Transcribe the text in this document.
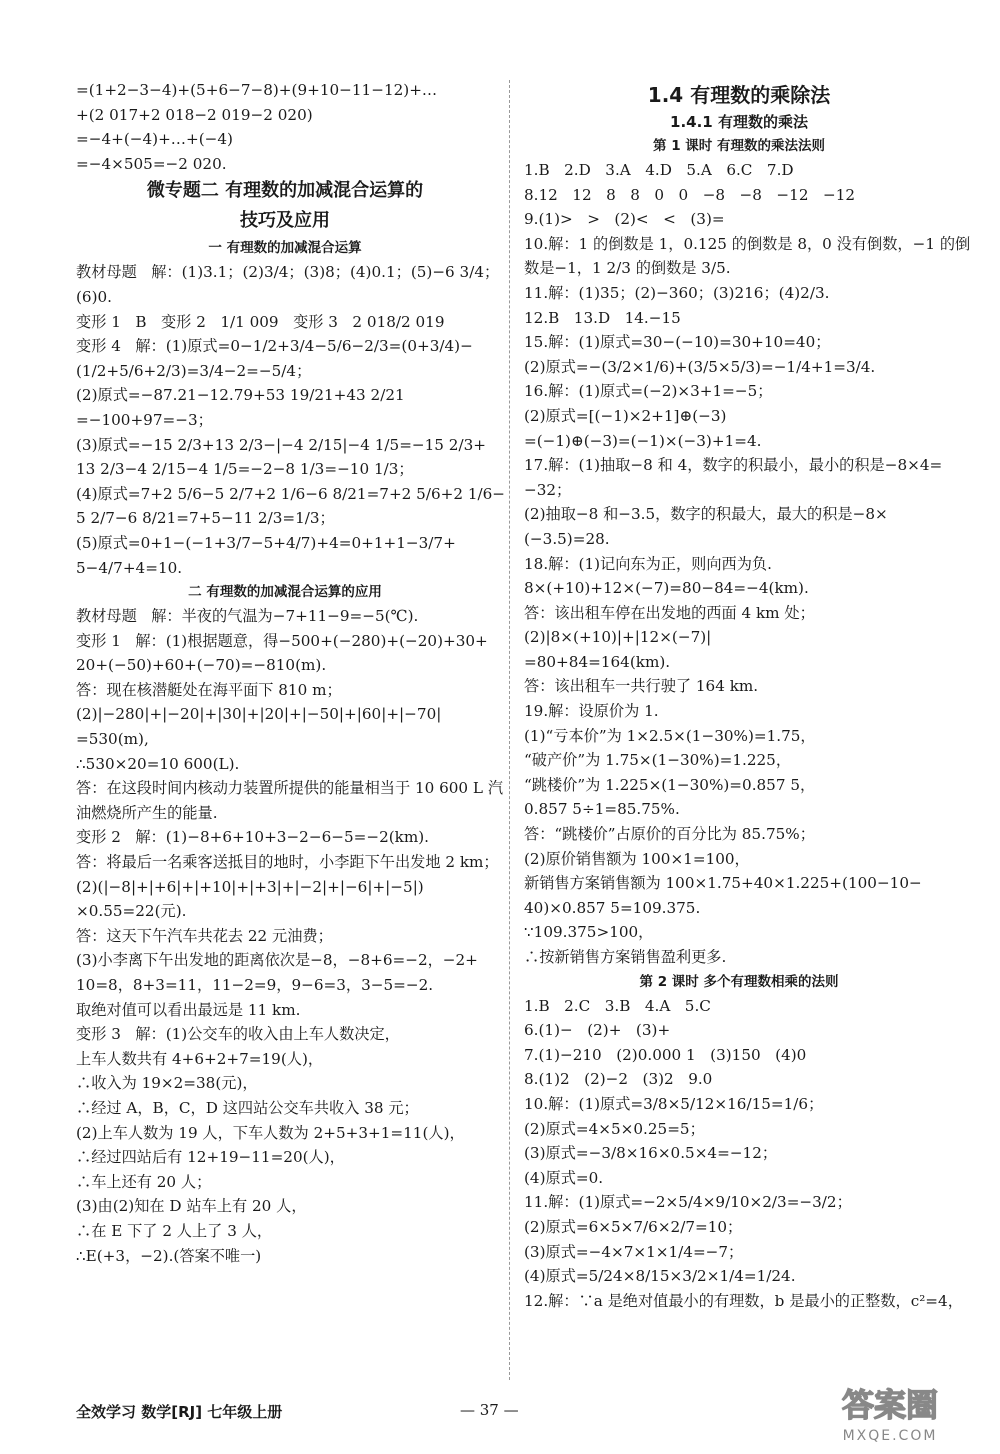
=(1+2−3−4)+(5+6−7−8)+(9+10−11−12)+…
+(2 017+2 018−2 019−2 020)
=−4+(−4)+…+(−4)
=−4×505=−2 020.
微专题二 有理数的加减混合运算的
技巧及应用
一 有理数的加减混合运算
教材母题   解：(1)3.1；(2)3/4；(3)8；(4)0.1；(5)−6 3/4；
(6)0.
变形 1   B   变形 2   1/1 009   变形 3   2 018/2 019
变形 4   解：(1)原式=0−1/2+3/4−5/6−2/3=(0+3/4)−
(1/2+5/6+2/3)=3/4−2=−5/4；
(2)原式=−87.21−12.79+53 19/21+43 2/21
=−100+97=−3；
(3)原式=−15 2/3+13 2/3−|−4 2/15|−4 1/5=−15 2/3+
13 2/3−4 2/15−4 1/5=−2−8 1/3=−10 1/3；
(4)原式=7+2 5/6−5 2/7+2 1/6−6 8/21=7+2 5/6+2 1/6−
5 2/7−6 8/21=7+5−11 2/3=1/3；
(5)原式=0+1−(−1+3/7−5+4/7)+4=0+1+1−3/7+
5−4/7+4=10.
二 有理数的加减混合运算的应用
教材母题   解：半夜的气温为−7+11−9=−5(℃).
变形 1   解：(1)根据题意，得−500+(−280)+(−20)+30+
20+(−50)+60+(−70)=−810(m).
答：现在核潜艇处在海平面下 810 m；
(2)|−280|+|−20|+|30|+|20|+|−50|+|60|+|−70|
=530(m),
∴530×20=10 600(L).
答：在这段时间内核动力装置所提供的能量相当于 10 600 L 汽
油燃烧所产生的能量.
变形 2   解：(1)−8+6+10+3−2−6−5=−2(km).
答：将最后一名乘客送抵目的地时，小李距下午出发地 2 km；
(2)(|−8|+|+6|+|+10|+|+3|+|−2|+|−6|+|−5|)
×0.55=22(元).
答：这天下午汽车共花去 22 元油费；
(3)小李离下午出发地的距离依次是−8，−8+6=−2，−2+
10=8，8+3=11，11−2=9，9−6=3，3−5=−2.
取绝对值可以看出最远是 11 km.
变形 3   解：(1)公交车的收入由上车人数决定，
上车人数共有 4+6+2+7=19(人)，
∴收入为 19×2=38(元)，
∴经过 A，B，C，D 这四站公交车共收入 38 元；
(2)上车人数为 19 人，下车人数为 2+5+3+1=11(人)，
∴经过四站后有 12+19−11=20(人)，
∴车上还有 20 人；
(3)由(2)知在 D 站车上有 20 人，
∴在 E 下了 2 人上了 3 人，
∴E(+3，−2).(答案不唯一)
1.4 有理数的乘除法
1.4.1 有理数的乘法
第 1 课时 有理数的乘法法则
1.B   2.D   3.A   4.D   5.A   6.C   7.D
8.12   12   8   8   0   0   −8   −8   −12   −12
9.(1)>   >   (2)<   <   (3)=
10.解：1 的倒数是 1，0.125 的倒数是 8，0 没有倒数，−1 的倒
数是−1，1 2/3 的倒数是 3/5.
11.解：(1)35；(2)−360；(3)216；(4)2/3.
12.B   13.D   14.−15
15.解：(1)原式=30−(−10)=30+10=40；
(2)原式=−(3/2×1/6)+(3/5×5/3)=−1/4+1=3/4.
16.解：(1)原式=(−2)×3+1=−5；
(2)原式=[(−1)×2+1]⊕(−3)
=(−1)⊕(−3)=(−1)×(−3)+1=4.
17.解：(1)抽取−8 和 4，数字的积最小，最小的积是−8×4=
−32；
(2)抽取−8 和−3.5，数字的积最大，最大的积是−8×
(−3.5)=28.
18.解：(1)记向东为正，则向西为负.
8×(+10)+12×(−7)=80−84=−4(km).
答：该出租车停在出发地的西面 4 km 处；
(2)|8×(+10)|+|12×(−7)|
=80+84=164(km).
答：该出租车一共行驶了 164 km.
19.解：设原价为 1.
(1)“亏本价”为 1×2.5×(1−30%)=1.75，
“破产价”为 1.75×(1−30%)=1.225，
“跳楼价”为 1.225×(1−30%)=0.857 5，
0.857 5÷1=85.75%.
答：“跳楼价”占原价的百分比为 85.75%；
(2)原价销售额为 100×1=100，
新销售方案销售额为 100×1.75+40×1.225+(100−10−
40)×0.857 5=109.375.
∵109.375>100，
∴按新销售方案销售盈利更多.
第 2 课时 多个有理数相乘的法则
1.B   2.C   3.B   4.A   5.C
6.(1)−   (2)+   (3)+
7.(1)−210   (2)0.000 1   (3)150   (4)0
8.(1)2   (2)−2   (3)2   9.0
10.解：(1)原式=3/8×5/12×16/15=1/6；
(2)原式=4×5×0.25=5；
(3)原式=−3/8×16×0.5×4=−12；
(4)原式=0.
11.解：(1)原式=−2×5/4×9/10×2/3=−3/2；
(2)原式=6×5×7/6×2/7=10；
(3)原式=−4×7×1×1/4=−7；
(4)原式=5/24×8/15×3/2×1/4=1/24.
12.解：∵a 是绝对值最小的有理数，b 是最小的正整数，c²=4，
全效学习 数学[RJ] 七年级上册	— 37 —	答案圈
MXQE.COM
